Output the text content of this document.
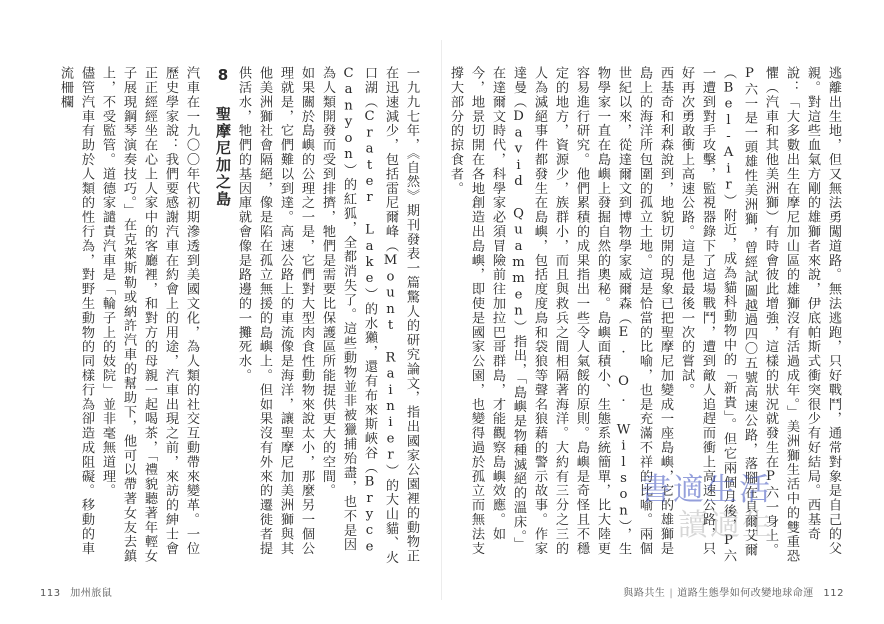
一九九七年，《自然》期刊發表一篇驚人的研究論文，指出國家公園裡的動物正在迅速減少，包括雷尼爾峰（Mount Rainier）的大山貓、火口湖（Crater Lake）的水獺，還有布來斯峽谷（Bryce Canyon）的紅狐，全都消失了。這些動物並非被獵捕殆盡，也不是因為人類開發而受到排擠，牠們是需要比保護區所能提供更大的空間。

如果關於島嶼的公理之一是，它們對大型肉食性動物來說太小，那麼另一個公理就是，它們難以到達。高速公路上的車流像是海洋，讓聖摩尼加美洲獅與其他美洲獅社會隔絕，像是陷在孤立無援的島嶼上。但如果沒有外來的遷徙者提供活水，牠們的基因庫就會像是路邊的一攤死水。

8 聖摩尼加之島

汽車在一九〇〇年代初期滲透到美國文化，為人類的社交互動帶來變革。一位歷史學家說：我們要感謝汽車在約會上的用途，汽車出現之前，來訪的紳士會正正經經坐在心上人家中的客廳裡，和對方的母親一起喝茶，「禮貌聽著年輕女子展現鋼琴演奏技巧。」在克萊斯勒或納許汽車的幫助下，他可以帶著女友去鎮上，不受監管。道德家譴責汽車是「輪子上的妓院」並非毫無道理。

儘管汽車有助於人類的性行為，對野生動物的同樣行為卻造成阻礙。移動的車流柵欄

113 加州旅鼠

逃離出生地，但又無法勇闖道路。無法逃跑，只好戰鬥，通常對象是自己的父親。對這些血氣方剛的雄獅者來說，伊底帕斯式衝突很少有好結局。西基奇說：「大多數出生在摩尼加山區的雄獅沒有活過成年。」美洲獅生活中的雙重恐懼（汽車和其他美洲獅）有時會彼此增強，這樣的狀況就發生在P六一身上。P六一是一頭雄性美洲獅，曾經試圖越過四〇五號高速公路，落腳在貝爾艾爾（Bel-Air）附近，成為貓科動物中的「新貴」。但它兩個月後，P六一遭到對手攻擊，監視器錄下了這場戰鬥，遭到敵人追趕而衝上高速公路，只好再次勇敢衝上高速公路。這是他最後一次的嘗試。

西基奇和利森說到，地貌切開的現象已把聖摩尼加變成一座島嶼，它的雄獅是島上的海洋所包圍的孤立土地。這是恰當的比喻，也是充滿不祥的比喻。兩個世紀以來，從達爾文到博物學家威爾森（E. O. Wilson），生物學家一直在島嶼上發掘自然的奧秘。島嶼面積小、生態系統簡單，比大陸更容易進行研究。他們累積的成果指出一些令人氣餒的原則。島嶼是奇怪且不穩定的地方，資源少，族群小，而且與救兵之間相隔著海洋。大約有三分之三的人為滅絕事件都發生在島嶼，包括度度鳥和袋狼等聲名狼藉的警示故事。作家達曼（David Quammen）指出，「島嶼是物種滅絕的溫床。」

在達爾文時代，科學家必須冒險前往加拉巴哥群島，才能觀察島嶼效應。如今，地景切開在各地創造出島嶼，即使是國家公園，也變得過於孤立而無法支撐大部分的掠食者。

與路共生 | 道路生態學如何改變地球命運 112
書適生活
讀適生
